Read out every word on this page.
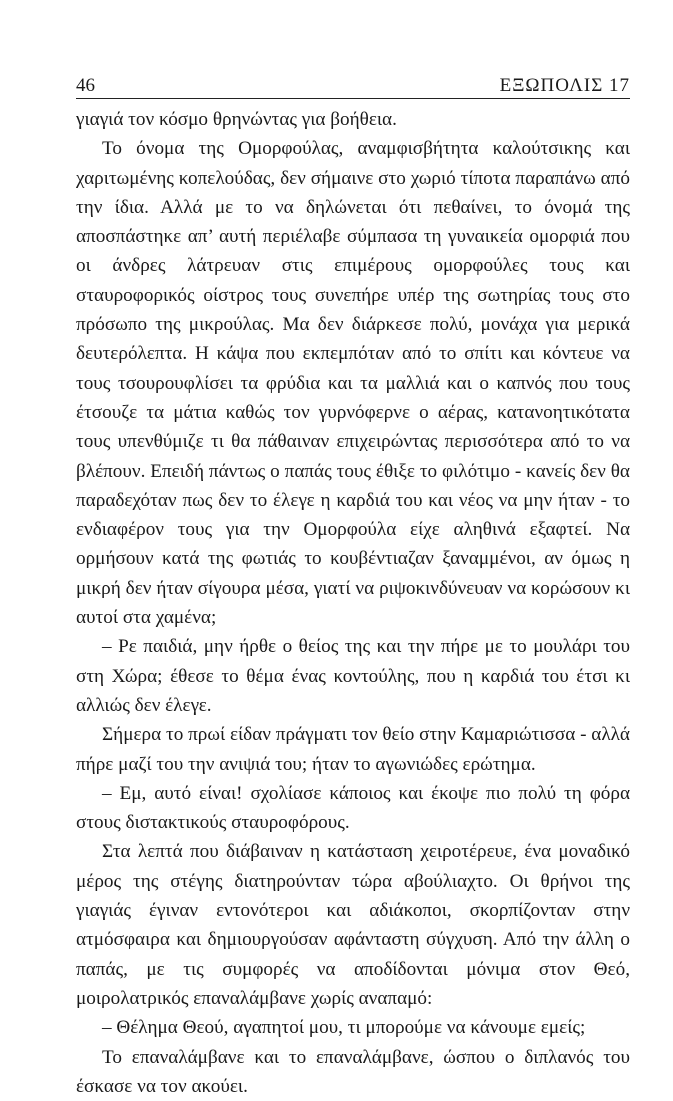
46	ΕΞΩΠΟΛΙΣ 17

γιαγιά τον κόσμο θρηνώντας για βοήθεια.

Το όνομα της Ομορφούλας, αναμφισβήτητα καλούτσικης και χαριτωμένης κοπελούδας, δεν σήμαινε στο χωριό τίποτα παραπάνω από την ίδια. Αλλά με το να δηλώνεται ότι πεθαίνει, το όνομά της αποσπάστηκε απ’ αυτή περιέλαβε σύμπασα τη γυναικεία ομορφιά που οι άνδρες λάτρευαν στις επιμέρους ομορφούλες τους και σταυροφορικός οίστρος τους συνεπήρε υπέρ της σωτηρίας τους στο πρόσωπο της μικρούλας. Μα δεν διάρκεσε πολύ, μονάχα για μερικά δευτερόλεπτα. Η κάψα που εκπεμπόταν από το σπίτι και κόντευε να τους τσουρουφλίσει τα φρύδια και τα μαλλιά και ο καπνός που τους έτσουζε τα μάτια καθώς τον γυρνόφερνε ο αέρας, κατανοητικότατα τους υπενθύμιζε τι θα πάθαιναν επιχειρώντας περισσότερα από το να βλέπουν. Επειδή πάντως ο παπάς τους έθιξε το φιλότιμο - κανείς δεν θα παραδεχόταν πως δεν το έλεγε η καρδιά του και νέος να μην ήταν - το ενδιαφέρον τους για την Ομορφούλα είχε αληθινά εξαφτεί. Να ορμήσουν κατά της φωτιάς το κουβέντιαζαν ξαναμμένοι, αν όμως η μικρή δεν ήταν σίγουρα μέσα, γιατί να ριψοκινδύνευαν να κορώσουν κι αυτοί στα χαμένα;

– Ρε παιδιά, μην ήρθε ο θείος της και την πήρε με το μουλάρι του στη Χώρα; έθεσε το θέμα ένας κοντούλης, που η καρδιά του έτσι κι αλλιώς δεν έλεγε.

Σήμερα το πρωί είδαν πράγματι τον θείο στην Καμαριώτισσα - αλλά πήρε μαζί του την ανιψιά του; ήταν το αγωνιώδες ερώτημα.

– Εμ, αυτό είναι! σχολίασε κάποιος και έκοψε πιο πολύ τη φόρα στους διστακτικούς σταυροφόρους.

Στα λεπτά που διάβαιναν η κατάσταση χειροτέρευε, ένα μοναδικό μέρος της στέγης διατηρούνταν τώρα αβούλιαχτο. Οι θρήνοι της γιαγιάς έγιναν εντονότεροι και αδιάκοποι, σκορπίζονταν στην ατμόσφαιρα και δημιουργούσαν αφάνταστη σύγχυση. Από την άλλη ο παπάς, με τις συμφορές να αποδίδονται μόνιμα στον Θεό, μοιρολατρικός επαναλάμβανε χωρίς αναπαμό:

– Θέλημα Θεού, αγαπητοί μου, τι μπορούμε να κάνουμε εμείς;

Το επαναλάμβανε και το επαναλάμβανε, ώσπου ο διπλανός του έσκασε να τον ακούει.
